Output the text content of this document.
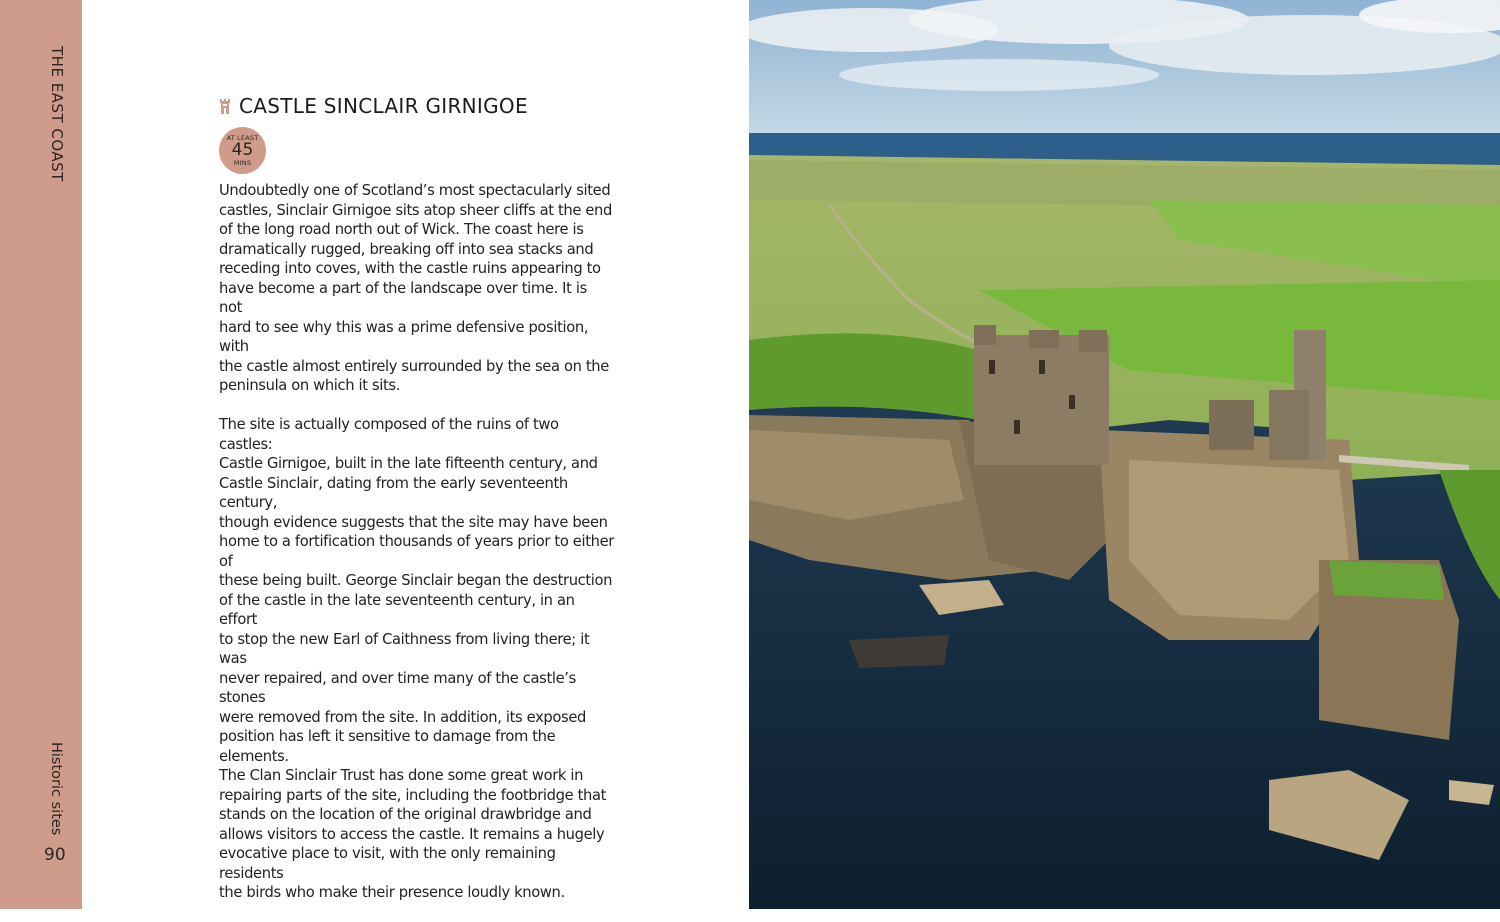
THE EAST COAST
Historic sites
90
CASTLE SINCLAIR GIRNIGOE
AT LEAST
45
MINS

Undoubtedly one of Scotland’s most spectacularly sited
castles, Sinclair Girnigoe sits atop sheer cliffs at the end
of the long road north out of Wick. The coast here is
dramatically rugged, breaking off into sea stacks and
receding into coves, with the castle ruins appearing to
have become a part of the landscape over time. It is not
hard to see why this was a prime defensive position, with
the castle almost entirely surrounded by the sea on the
peninsula on which it sits.

The site is actually composed of the ruins of two castles:
Castle Girnigoe, built in the late fifteenth century, and
Castle Sinclair, dating from the early seventeenth century,
though evidence suggests that the site may have been
home to a fortification thousands of years prior to either of
these being built. George Sinclair began the destruction
of the castle in the late seventeenth century, in an effort
to stop the new Earl of Caithness from living there; it was
never repaired, and over time many of the castle’s stones
were removed from the site. In addition, its exposed
position has left it sensitive to damage from the elements.
The Clan Sinclair Trust has done some great work in
repairing parts of the site, including the footbridge that
stands on the location of the original drawbridge and
allows visitors to access the castle. It remains a hugely
evocative place to visit, with the only remaining residents
the birds who make their presence loudly known.
